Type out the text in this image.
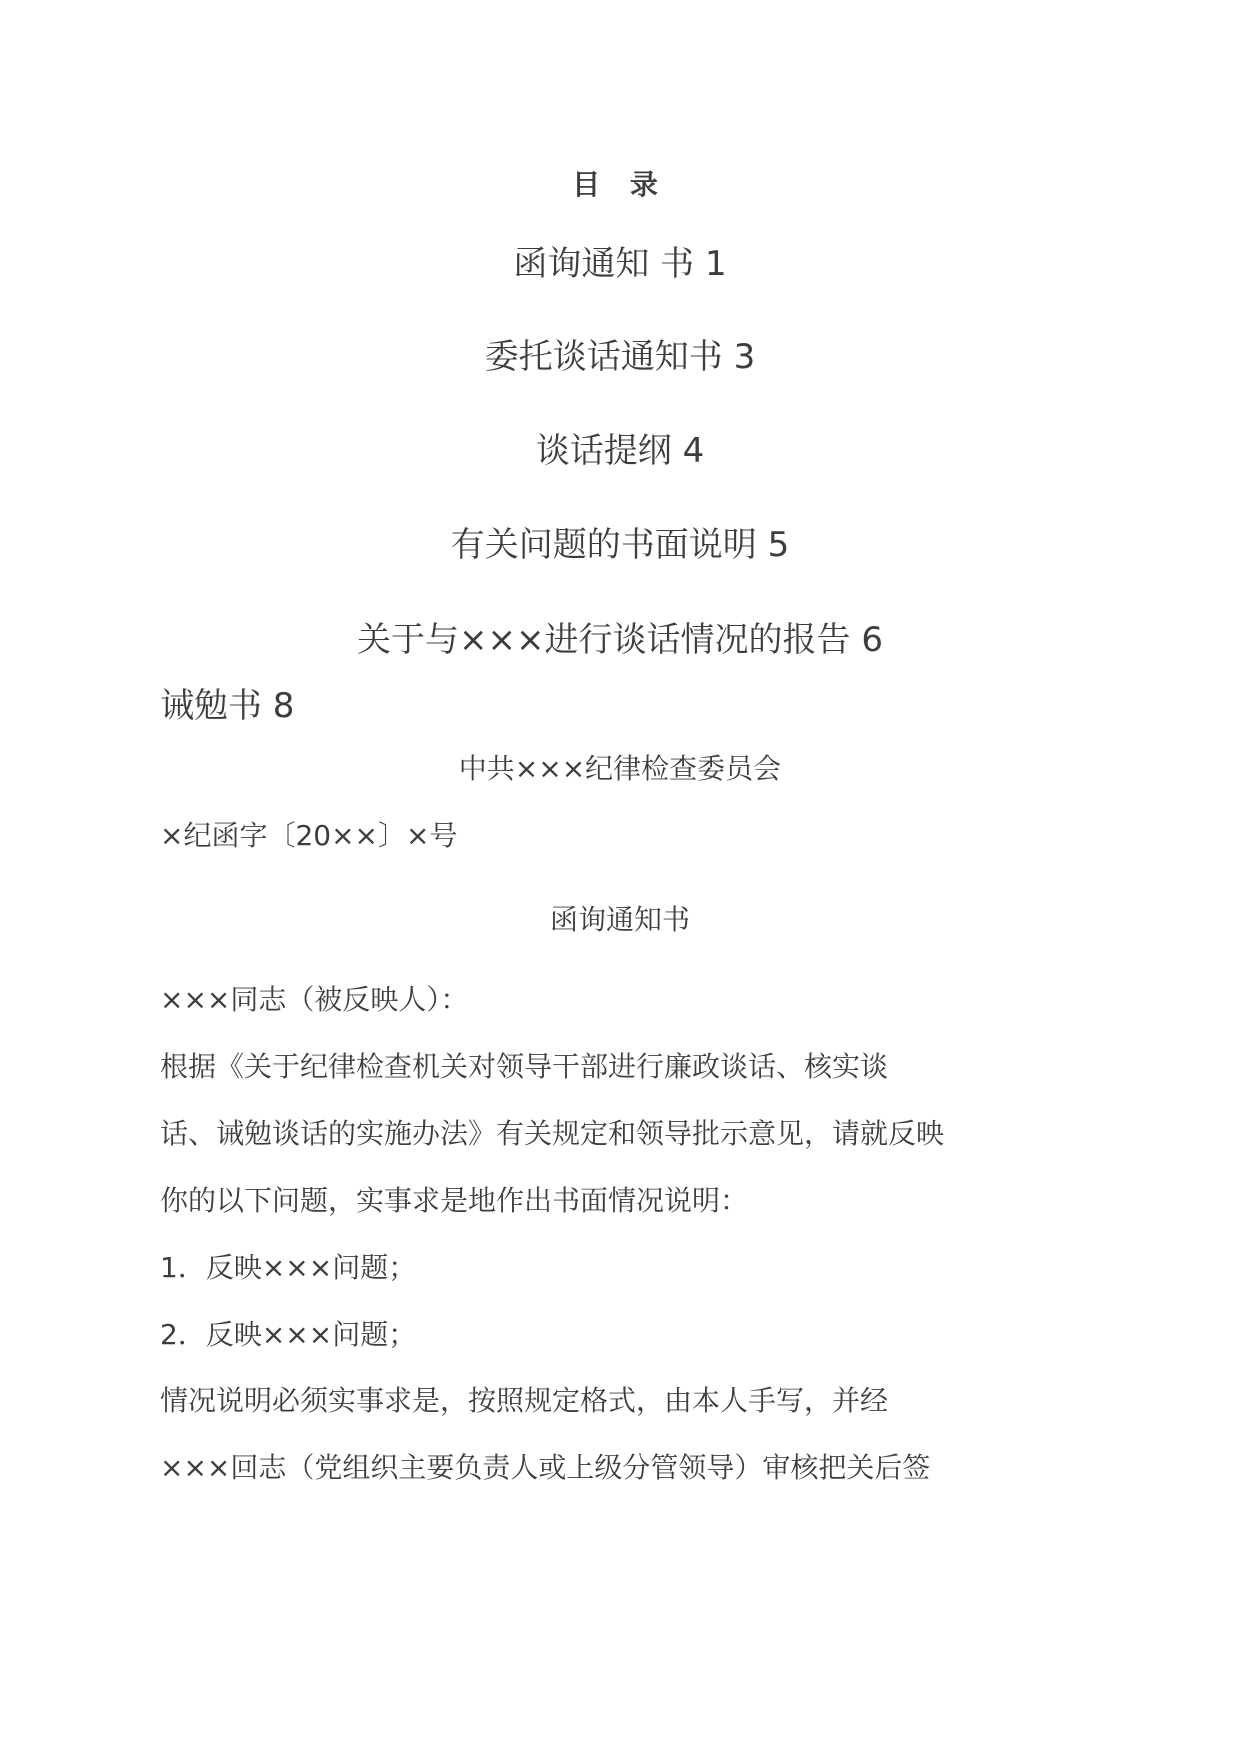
目 录
函询通知 书 1
委托谈话通知书 3
谈话提纲 4
有关问题的书面说明 5
关于与×××进行谈话情况的报告 6
诫勉书 8
中共×××纪律检查委员会
×纪函字〔20××〕×号
函询通知书
×××同志（被反映人）：
根据《关于纪律检查机关对领导干部进行廉政谈话、核实谈
话、诫勉谈话的实施办法》有关规定和领导批示意见，请就反映
你的以下问题，实事求是地作出书面情况说明：
1．反映×××问题；
2．反映×××问题；
情况说明必须实事求是，按照规定格式，由本人手写，并经
×××回志（党组织主要负责人或上级分管领导）审核把关后签
